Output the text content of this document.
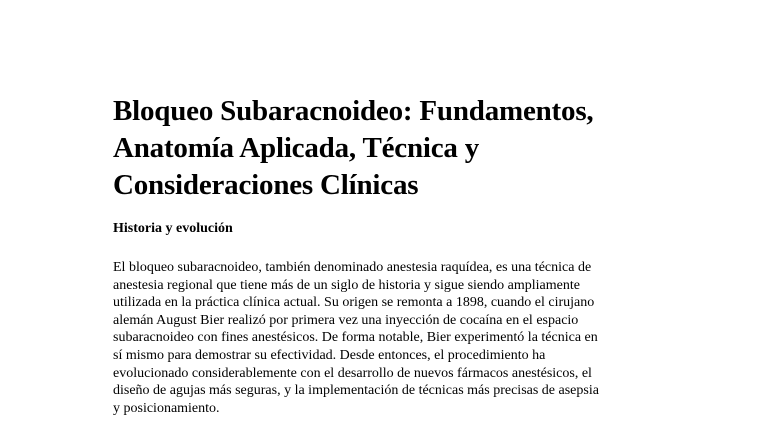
Bloqueo Subaracnoideo: Fundamentos,
Anatomía Aplicada, Técnica y
Consideraciones Clínicas
Historia y evolución

El bloqueo subaracnoideo, también denominado anestesia raquídea, es una técnica de
anestesia regional que tiene más de un siglo de historia y sigue siendo ampliamente
utilizada en la práctica clínica actual. Su origen se remonta a 1898, cuando el cirujano
alemán August Bier realizó por primera vez una inyección de cocaína en el espacio
subaracnoideo con fines anestésicos. De forma notable, Bier experimentó la técnica en
sí mismo para demostrar su efectividad. Desde entonces, el procedimiento ha
evolucionado considerablemente con el desarrollo de nuevos fármacos anestésicos, el
diseño de agujas más seguras, y la implementación de técnicas más precisas de asepsia
y posicionamiento.
